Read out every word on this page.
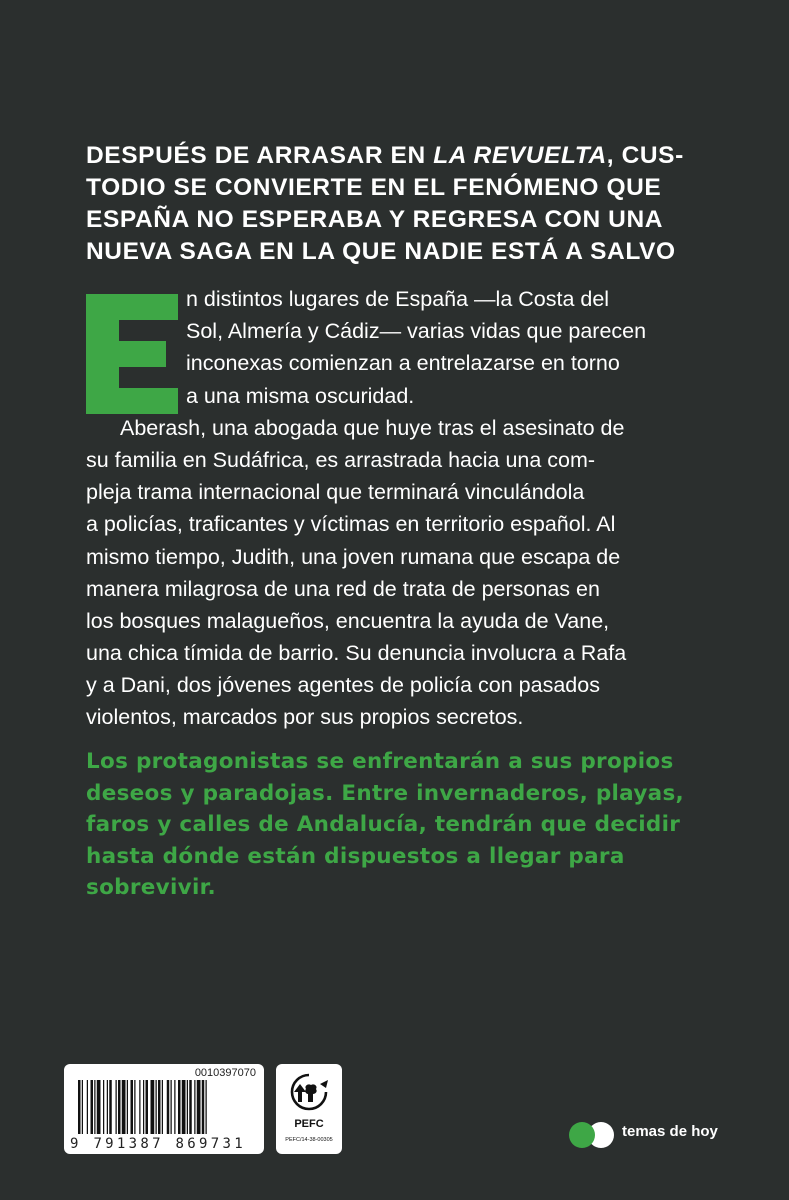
DESPUÉS DE ARRASAR EN LA REVUELTA, CUS-
TODIO SE CONVIERTE EN EL FENÓMENO QUE
ESPAÑA NO ESPERABA Y REGRESA CON UNA
NUEVA SAGA EN LA QUE NADIE ESTÁ A SALVO
n distintos lugares de España —la Costa del
Sol, Almería y Cádiz— varias vidas que parecen
inconexas comienzan a entrelazarse en torno
a una misma oscuridad.
Aberash, una abogada que huye tras el asesinato de
su familia en Sudáfrica, es arrastrada hacia una com-
pleja trama internacional que terminará vinculándola
a policías, traficantes y víctimas en territorio español. Al
mismo tiempo, Judith, una joven rumana que escapa de
manera milagrosa de una red de trata de personas en
los bosques malagueños, encuentra la ayuda de Vane,
una chica tímida de barrio. Su denuncia involucra a Rafa
y a Dani, dos jóvenes agentes de policía con pasados
violentos, marcados por sus propios secretos.
Los protagonistas se enfrentarán a sus propios
deseos y paradojas. Entre invernaderos, playas,
faros y calles de Andalucía, tendrán que decidir
hasta dónde están dispuestos a llegar para
sobrevivir.
0010397070
9 791387 869731
PEFC
PEFC/14-38-00305	temas de hoy
